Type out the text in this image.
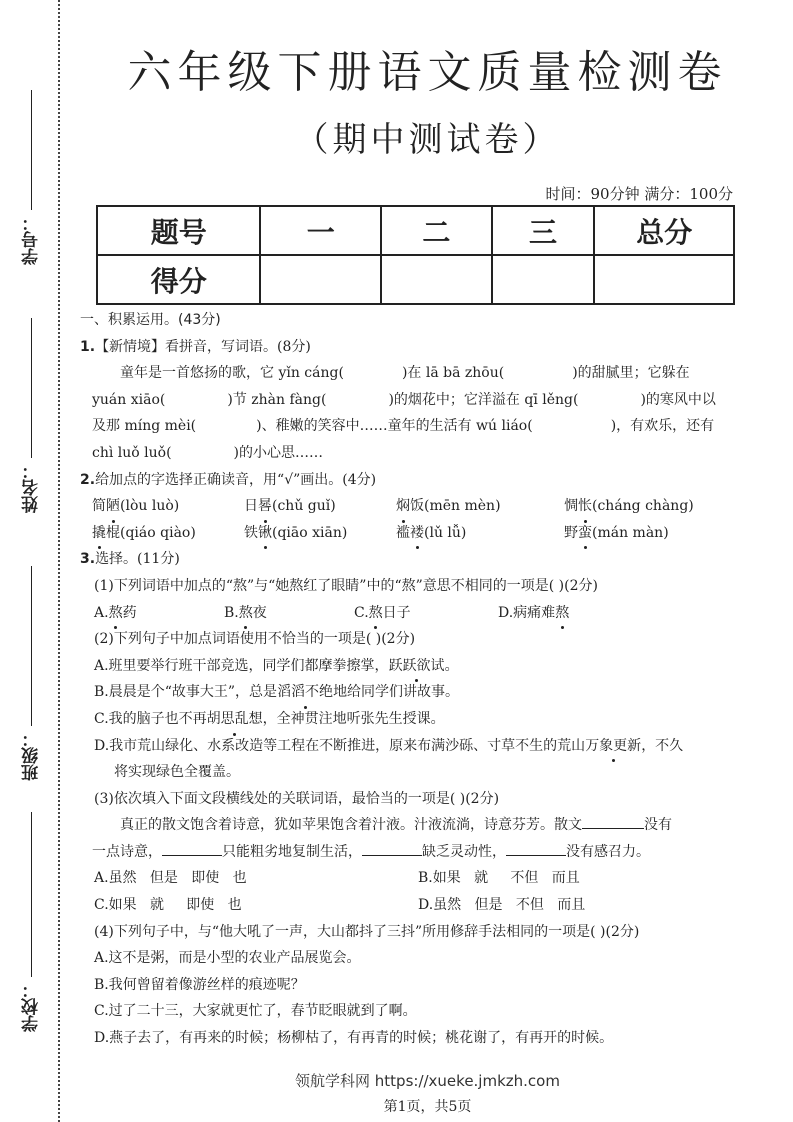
学号：
姓名：
班级：
学校：
六年级下册语文质量检测卷
（期中测试卷）
时间：90分钟 满分：100分
题号	一	二	三	总分
得分				
一、积累运用。(43分)
1.【新情境】看拼音，写词语。(8分)
童年是一首悠扬的歌，它 yǐn cáng(	)在 lā bā zhōu(	)的甜腻里；它躲在
yuán xiāo(	)节 zhàn fàng(	)的烟花中；它洋溢在 qī lěng(	)的寒风中以
及那 míng mèi(	)、稚嫩的笑容中……童年的生活有 wú liáo(	)，有欢乐，还有
chì luǒ luǒ(	)的小心思……
2.给加点的字选择正确读音，用“√”画出。(4分)
简陋(lòu luò)	日晷(chǔ guǐ)	焖饭(mēn mèn)	惆怅(cháng chàng)
撬棍(qiáo qiào)	铁锹(qiāo xiān)	褴褛(lǔ lǚ)	野蛮(mán màn)
3.选择。(11分)
(1)下列词语中加点的“熬”与“她熬红了眼睛”中的“熬”意思不相同的一项是( )(2分)
A.熬药	B.熬夜	C.熬日子	D.病痛难熬
(2)下列句子中加点词语使用不恰当的一项是( )(2分)
A.班里要举行班干部竞选，同学们都摩拳擦掌，跃跃欲试。
B.晨晨是个“故事大王”，总是滔滔不绝地给同学们讲故事。
C.我的脑子也不再胡思乱想，全神贯注地听张先生授课。
D.我市荒山绿化、水系改造等工程在不断推进，原来布满沙砾、寸草不生的荒山万象更新，不久
将实现绿色全覆盖。
(3)依次填入下面文段横线处的关联词语，最恰当的一项是( )(2分)
真正的散文饱含着诗意，犹如苹果饱含着汁液。汁液流淌，诗意芬芳。散文	没有
一点诗意，	只能粗劣地复制生活，	缺乏灵动性，	没有感召力。
A.虽然   但是   即使   也	B.如果   就     不但   而且
C.如果   就     即使   也	D.虽然   但是   不但   而且
(4)下列句子中，与“他大吼了一声，大山都抖了三抖”所用修辞手法相同的一项是( )(2分)
A.这不是粥，而是小型的农业产品展览会。
B.我何曾留着像游丝样的痕迹呢？
C.过了二十三，大家就更忙了，春节眨眼就到了啊。
D.燕子去了，有再来的时候；杨柳枯了，有再青的时候；桃花谢了，有再开的时候。
领航学科网 https://xueke.jmkzh.com
第1页，共5页
